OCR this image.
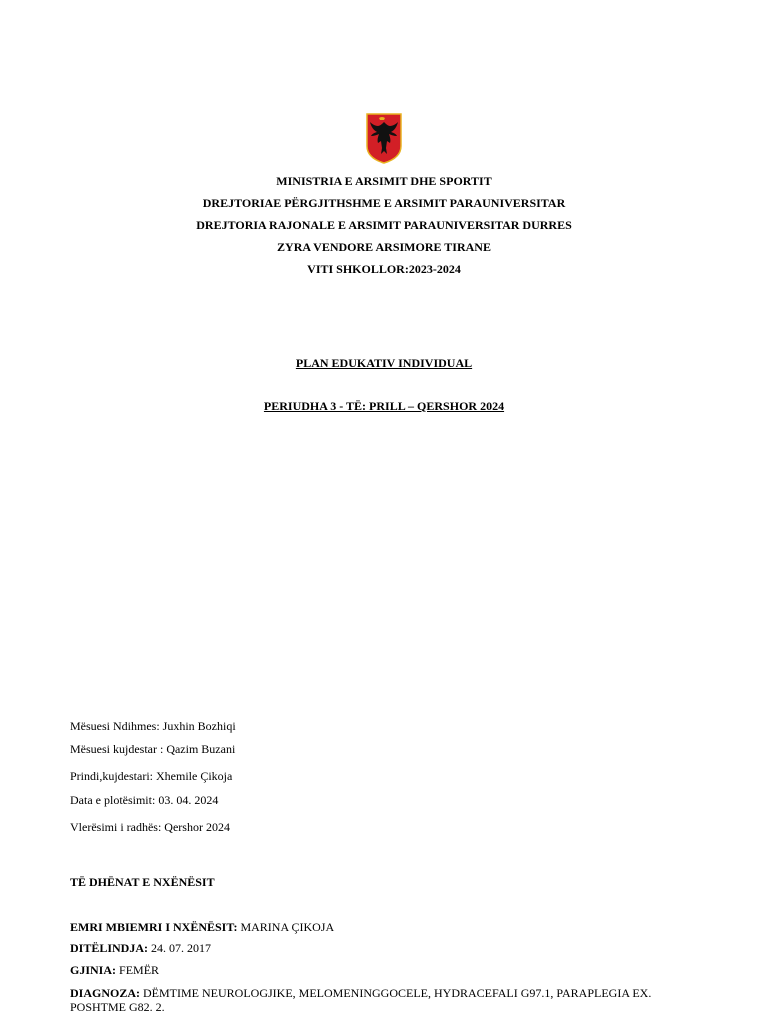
MINISTRIA E ARSIMIT DHE SPORTIT
DREJTORIAE PËRGJITHSHME E ARSIMIT PARAUNIVERSITAR
DREJTORIA RAJONALE E ARSIMIT PARAUNIVERSITAR DURRES
ZYRA VENDORE ARSIMORE TIRANE
VITI SHKOLLOR:2023-2024
PLAN EDUKATIV INDIVIDUAL
PERIUDHA 3 - TË: PRILL – QERSHOR 2024
Mësuesi Ndihmes: Juxhin Bozhiqi
Mësuesi kujdestar : Qazim Buzani
Prindi,kujdestari: Xhemile Çikoja
Data e plotësimit: 03. 04. 2024
Vlerësimi i radhës: Qershor 2024
TË DHËNAT E NXËNËSIT
EMRI MBIEMRI I NXËNËSIT: MARINA ÇIKOJA
DITËLINDJA: 24. 07. 2017
GJINIA: FEMËR
DIAGNOZA: DËMTIME NEUROLOGJIKE, MELOMENINGGOCELE, HYDRACEFALI G97.1, PARAPLEGIA EX. POSHTME G82. 2.
